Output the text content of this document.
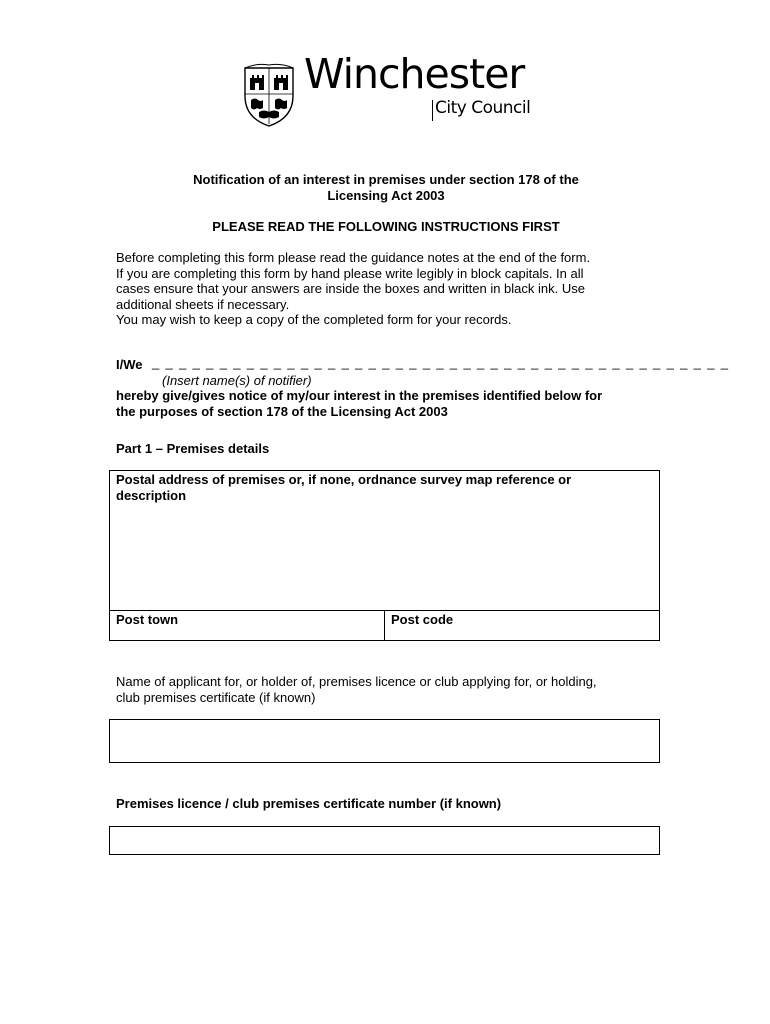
Winchester
City Council
Notification of an interest in premises under section 178 of the
Licensing Act 2003
PLEASE READ THE FOLLOWING INSTRUCTIONS FIRST

Before completing this form please read the guidance notes at the end of the form.

If you are completing this form by hand please write legibly in block capitals. In all

cases ensure that your answers are inside the boxes and written in black ink. Use

additional sheets if necessary.

You may wish to keep a copy of the completed form for your records.

I/We _ _ _ _ _ _ _ _ _ _ _ _ _ _ _ _ _ _ _ _ _ _ _ _ _ _ _ _ _ _ _ _ _ _ _ _ _ _ _ _ _ _ _
(Insert name(s) of notifier)
hereby give/gives notice of my/our interest in the premises identified below for
the purposes of section 178 of the Licensing Act 2003
Part 1 – Premises details
Postal address of premises or, if none, ordnance survey map reference or
description
Post town	Post code
Name of applicant for, or holder of, premises licence or club applying for, or holding,
club premises certificate (if known)
Premises licence / club premises certificate number (if known)
